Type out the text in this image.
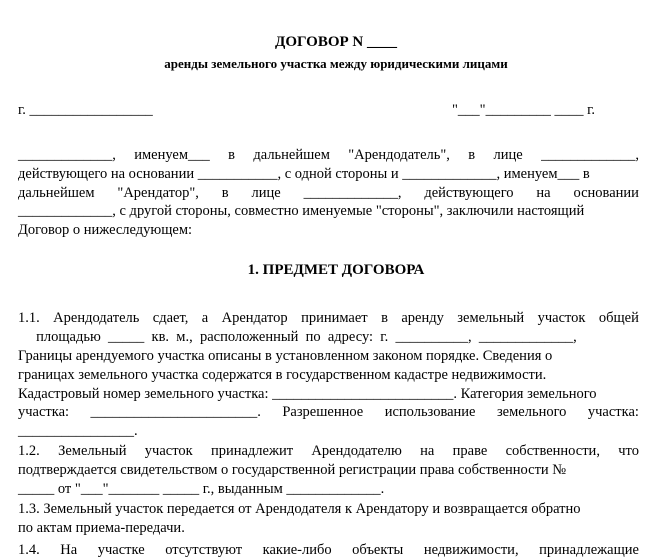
ДОГОВОР N ____
аренды земельного участка между юридическими лицами
г. _________________	"___"_________ ____ г.
_____________, именуем___ в дальнейшем "Арендодатель", в лице _____________,
действующего на основании ___________, с одной стороны и _____________, именуем___ в
дальнейшем "Арендатор", в лице _____________, действующего на основании
_____________, с другой стороны, совместно именуемые "стороны", заключили настоящий
Договор о нижеследующем:
1. ПРЕДМЕТ ДОГОВОРА
1.1. Арендодатель сдает, а Арендатор принимает в аренду земельный участок общей
площадью  _____  кв.  м.,  расположенный  по  адресу:  г.  __________,  _____________,
Границы арендуемого участка описаны в установленном законом порядке. Сведения о
границах земельного участка содержатся в государственном кадастре недвижимости.
Кадастровый номер земельного участка: _________________________. Категория земельного
участка: _______________________. Разрешенное использование земельного участка:
________________.
1.2. Земельный участок принадлежит Арендодателю на праве собственности, что
подтверждается свидетельством о государственной регистрации права собственности №
_____ от "___"_______ _____ г., выданным _____________.
1.3. Земельный участок передается от Арендодателя к Арендатору и возвращается обратно
по актам приема-передачи.
1.4. На участке отсутствуют какие-либо объекты недвижимости, принадлежащие
